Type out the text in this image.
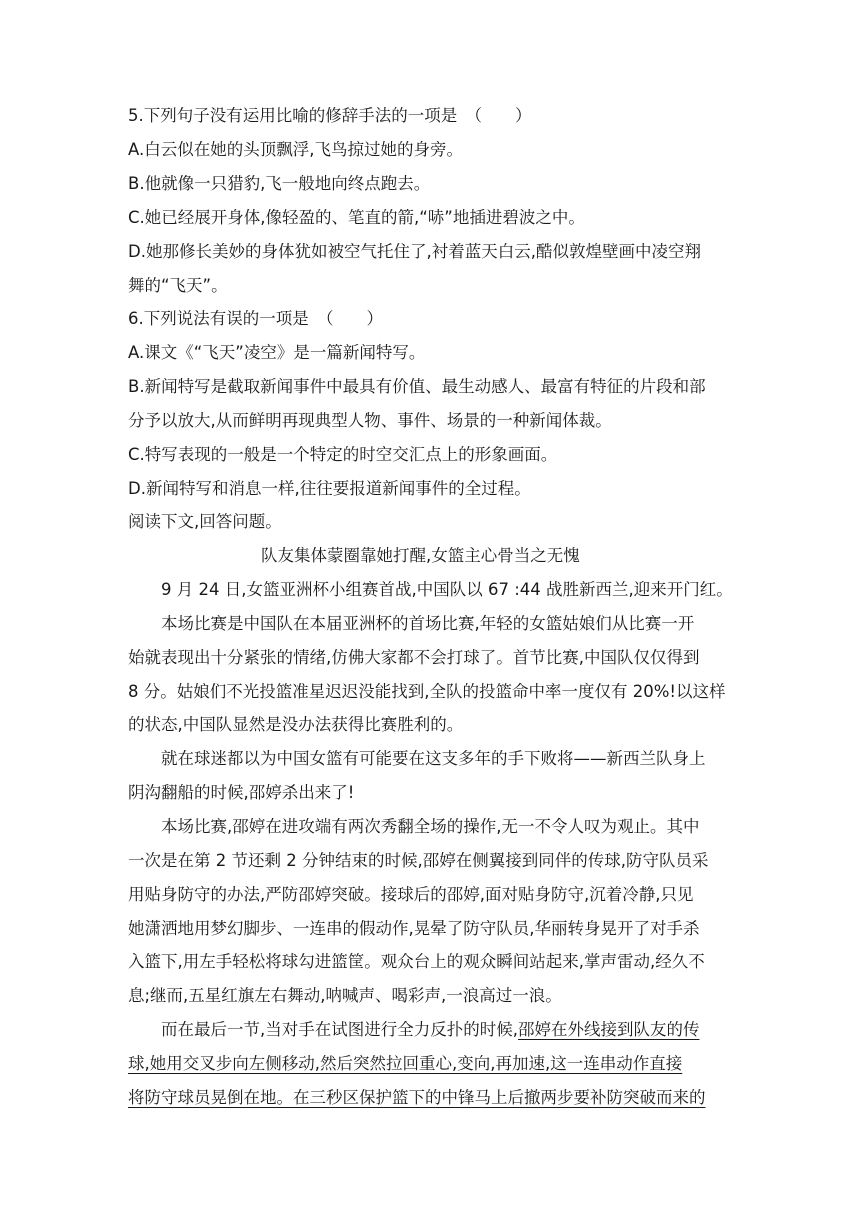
5.下列句子没有运用比喻的修辞手法的一项是　（　　）
A.白云似在她的头顶飘浮,飞鸟掠过她的身旁。
B.他就像一只猎豹,飞一般地向终点跑去。
C.她已经展开身体,像轻盈的、笔直的箭,“哧”地插进碧波之中。
D.她那修长美妙的身体犹如被空气托住了,衬着蓝天白云,酷似敦煌壁画中凌空翔
舞的“飞天”。
6.下列说法有误的一项是　（　　）
A.课文《“飞天”凌空》是一篇新闻特写。
B.新闻特写是截取新闻事件中最具有价值、最生动感人、最富有特征的片段和部
分予以放大,从而鲜明再现典型人物、事件、场景的一种新闻体裁。
C.特写表现的一般是一个特定的时空交汇点上的形象画面。
D.新闻特写和消息一样,往往要报道新闻事件的全过程。
阅读下文,回答问题。
队友集体蒙圈靠她打醒,女篮主心骨当之无愧
9 月 24 日,女篮亚洲杯小组赛首战,中国队以 67 :44 战胜新西兰,迎来开门红。
本场比赛是中国队在本届亚洲杯的首场比赛,年轻的女篮姑娘们从比赛一开
始就表现出十分紧张的情绪,仿佛大家都不会打球了。首节比赛,中国队仅仅得到
8 分。姑娘们不光投篮准星迟迟没能找到,全队的投篮命中率一度仅有 20%!以这样
的状态,中国队显然是没办法获得比赛胜利的。
就在球迷都以为中国女篮有可能要在这支多年的手下败将——新西兰队身上
阴沟翻船的时候,邵婷杀出来了!
本场比赛,邵婷在进攻端有两次秀翻全场的操作,无一不令人叹为观止。其中
一次是在第 2 节还剩 2 分钟结束的时候,邵婷在侧翼接到同伴的传球,防守队员采
用贴身防守的办法,严防邵婷突破。接球后的邵婷,面对贴身防守,沉着冷静,只见
她潇洒地用梦幻脚步、一连串的假动作,晃晕了防守队员,华丽转身晃开了对手杀
入篮下,用左手轻松将球勾进篮筐。观众台上的观众瞬间站起来,掌声雷动,经久不
息;继而,五星红旗左右舞动,呐喊声、喝彩声,一浪高过一浪。
而在最后一节,当对手在试图进行全力反扑的时候,邵婷在外线接到队友的传
球,她用交叉步向左侧移动,然后突然拉回重心,变向,再加速,这一连串动作直接
将防守球员晃倒在地。在三秒区保护篮下的中锋马上后撤两步要补防突破而来的
